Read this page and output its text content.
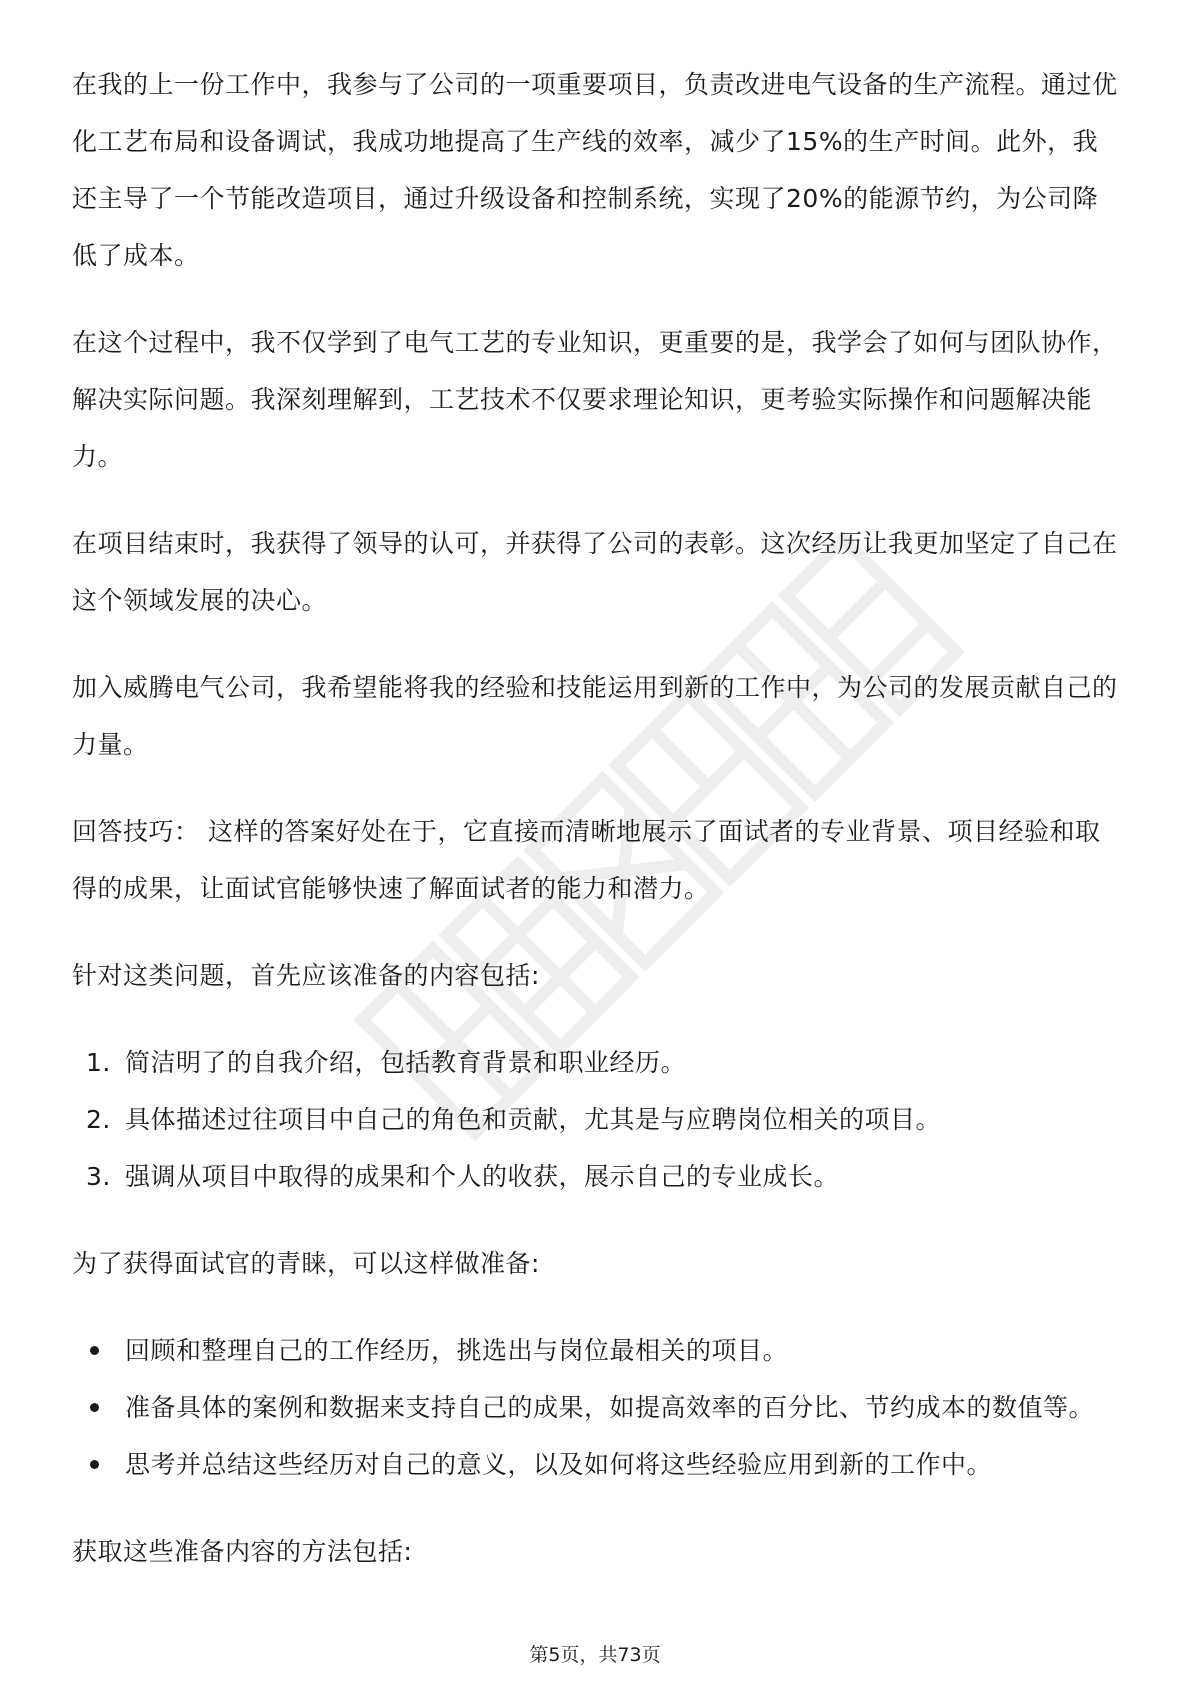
在我的上一份工作中，我参与了公司的一项重要项目，负责改进电气设备的生产流程。通过优化工艺布局和设备调试，我成功地提高了生产线的效率，减少了15%的生产时间。此外，我还主导了一个节能改造项目，通过升级设备和控制系统，实现了20%的能源节约，为公司降低了成本。

在这个过程中，我不仅学到了电气工艺的专业知识，更重要的是，我学会了如何与团队协作，解决实际问题。我深刻理解到，工艺技术不仅要求理论知识，更考验实际操作和问题解决能力。

在项目结束时，我获得了领导的认可，并获得了公司的表彰。这次经历让我更加坚定了自己在这个领域发展的决心。

加入威腾电气公司，我希望能将我的经验和技能运用到新的工作中，为公司的发展贡献自己的力量。

回答技巧： 这样的答案好处在于，它直接而清晰地展示了面试者的专业背景、项目经验和取得的成果，让面试官能够快速了解面试者的能力和潜力。

针对这类问题，首先应该准备的内容包括:

1. 简洁明了的自我介绍，包括教育背景和职业经历。
2. 具体描述过往项目中自己的角色和贡献，尤其是与应聘岗位相关的项目。
3. 强调从项目中取得的成果和个人的收获，展示自己的专业成长。

为了获得面试官的青睐，可以这样做准备:

回顾和整理自己的工作经历，挑选出与岗位最相关的项目。
准备具体的案例和数据来支持自己的成果，如提高效率的百分比、节约成本的数值等。
思考并总结这些经历对自己的意义，以及如何将这些经验应用到新的工作中。

获取这些准备内容的方法包括:

第5页，共73页
